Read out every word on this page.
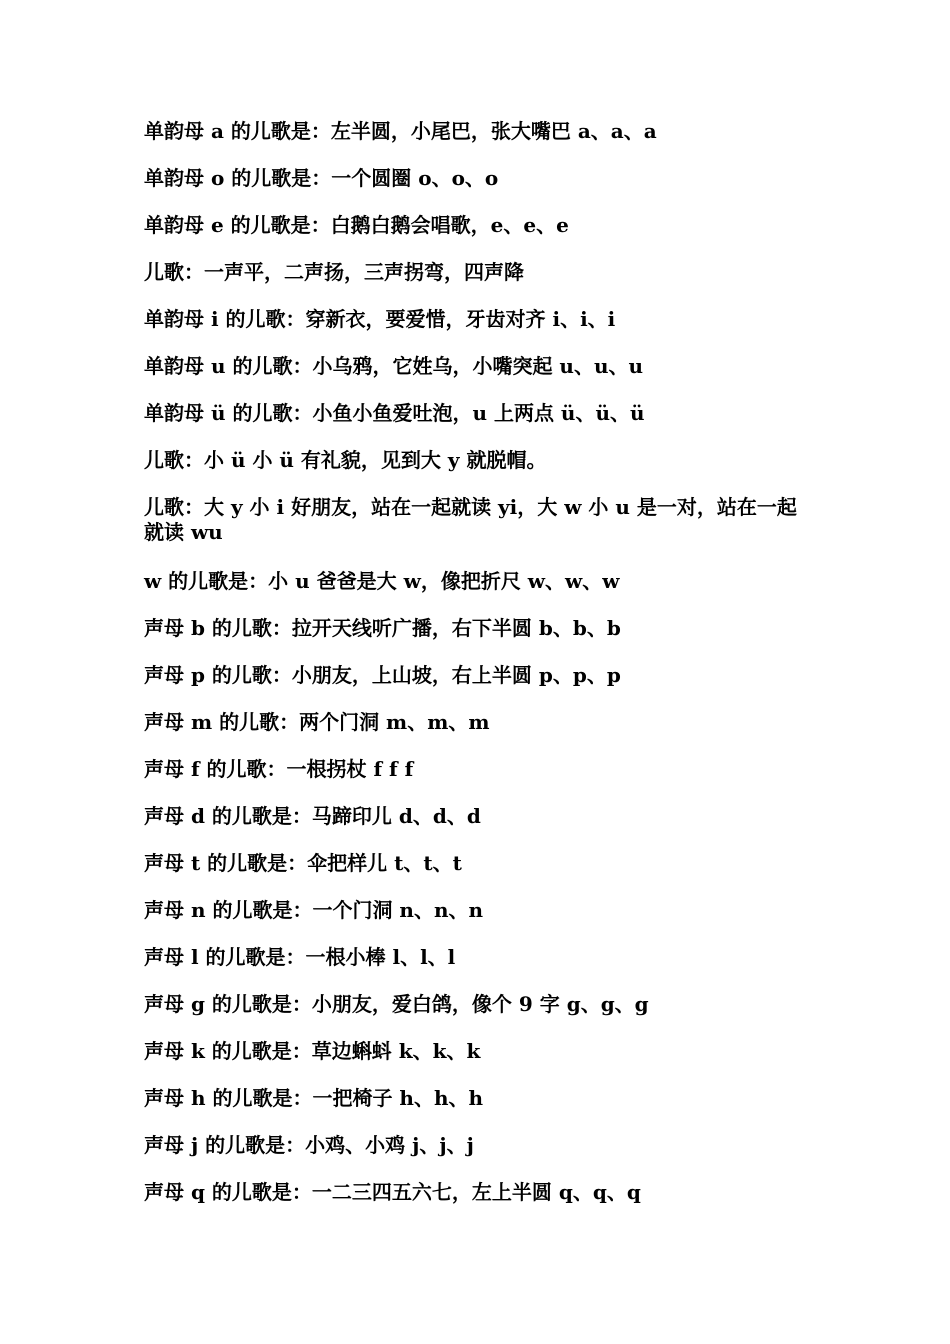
单韵母 a 的儿歌是：左半圆，小尾巴，张大嘴巴 a、a、a

单韵母 o 的儿歌是：一个圆圈 o、o、o

单韵母 e 的儿歌是：白鹅白鹅会唱歌，e、e、e

儿歌：一声平，二声扬，三声拐弯，四声降

单韵母 i 的儿歌：穿新衣，要爱惜，牙齿对齐 i、i、i

单韵母 u 的儿歌：小乌鸦，它姓乌，小嘴突起 u、u、u

单韵母 ü 的儿歌：小鱼小鱼爱吐泡，u 上两点 ü、ü、ü

儿歌：小 ü 小 ü 有礼貌，见到大 y 就脱帽。

儿歌：大 y 小 i 好朋友，站在一起就读 yi，大 w 小 u 是一对，站在一起就读 wu

w 的儿歌是：小 u 爸爸是大 w，像把折尺 w、w、w

声母 b 的儿歌：拉开天线听广播，右下半圆 b、b、b

声母 p 的儿歌：小朋友，上山坡，右上半圆 p、p、p

声母 m 的儿歌：两个门洞 m、m、m

声母 f 的儿歌：一根拐杖 f f f

声母 d 的儿歌是：马蹄印儿 d、d、d

声母 t 的儿歌是：伞把样儿 t、t、t

声母 n 的儿歌是：一个门洞 n、n、n

声母 l 的儿歌是：一根小棒 l、l、l

声母 g 的儿歌是：小朋友，爱白鸽，像个 9 字 g、g、g

声母 k 的儿歌是：草边蝌蚪 k、k、k

声母 h 的儿歌是：一把椅子 h、h、h

声母 j 的儿歌是：小鸡、小鸡 j、j、j

声母 q 的儿歌是：一二三四五六七，左上半圆 q、q、q
